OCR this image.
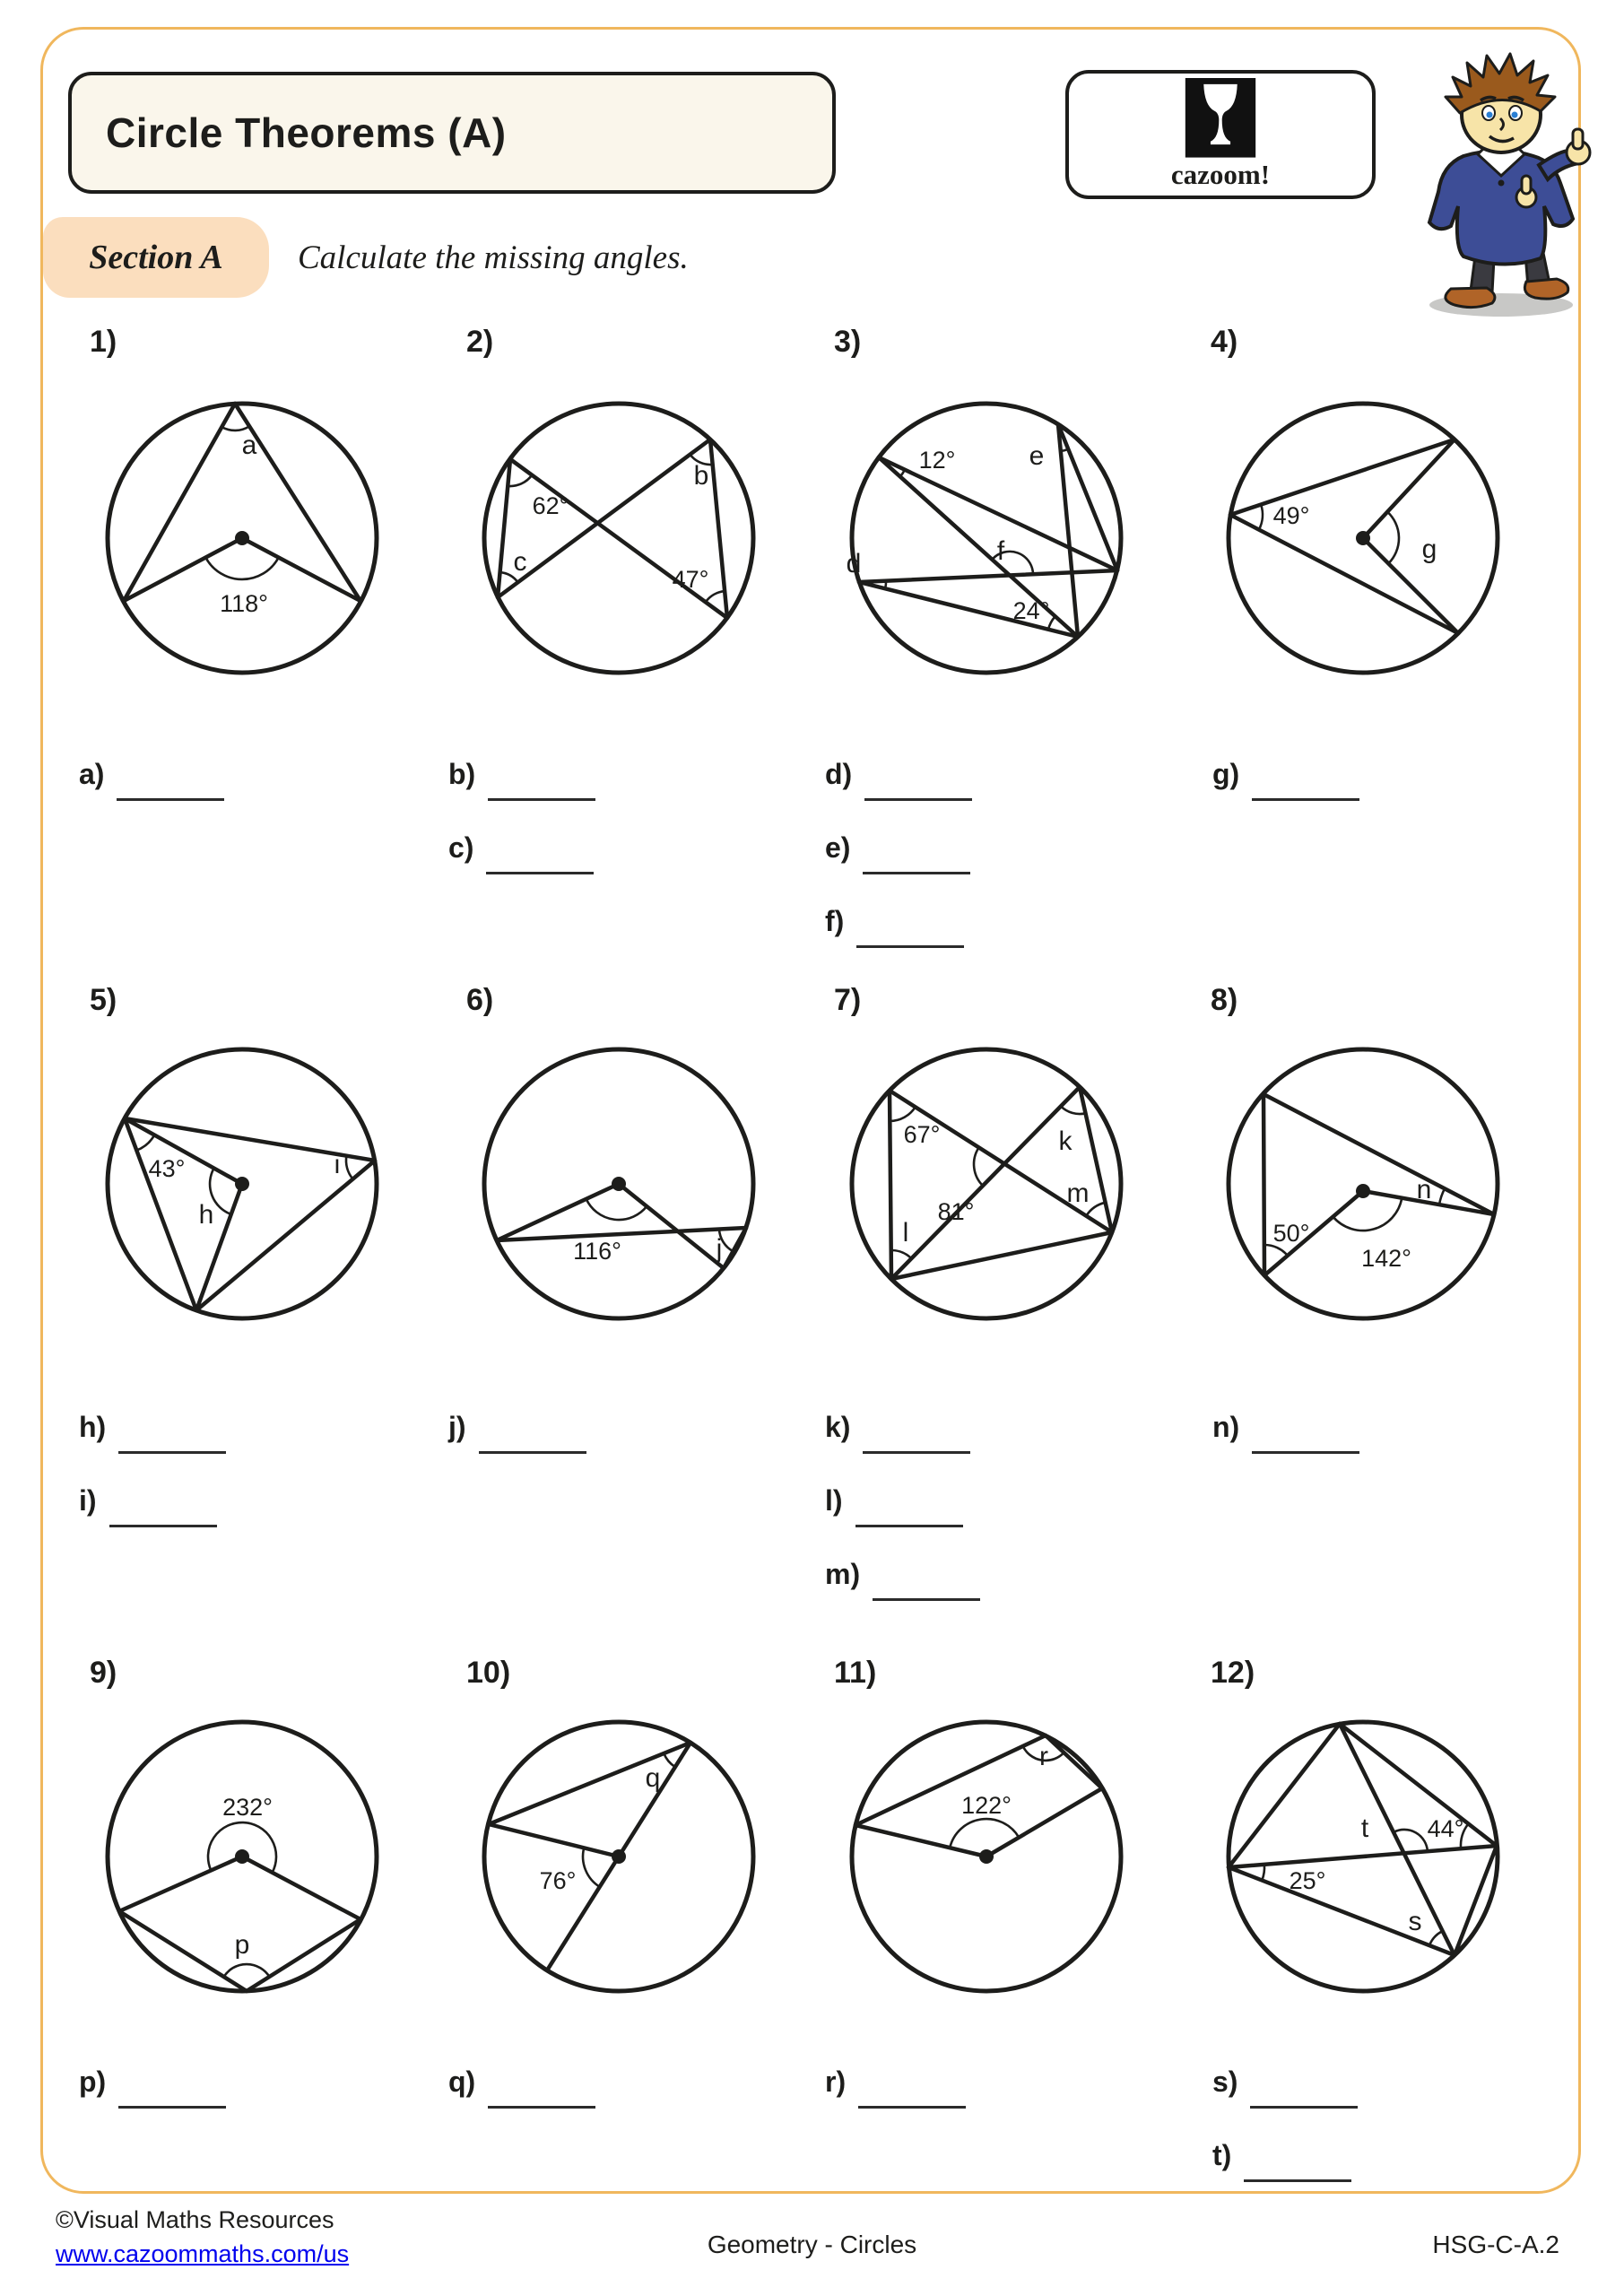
Circle Theorems (A)
cazoom!
Section A Calculate the missing angles.
1)
a
118°
2)
62°
c
b
47°
3)
12°	e
d	f
24°
4)
49°
g
a)	b)
c)
d)
e)
f)
g)
5)
43°
h
i
6)
116°	j
7)
67°
81°
k
m
l
8)
50°
142°
n
h)
i)
j)	k)
l)
m)
n)
9)
232°
p
10)
76°
q
11)
122°
r
12)
t 44°
25°
s
p)	q)	r)	s)
t)
©Visual Maths Resources
www.cazoommaths.com/us	Geometry - Circles	HSG-C-A.2
